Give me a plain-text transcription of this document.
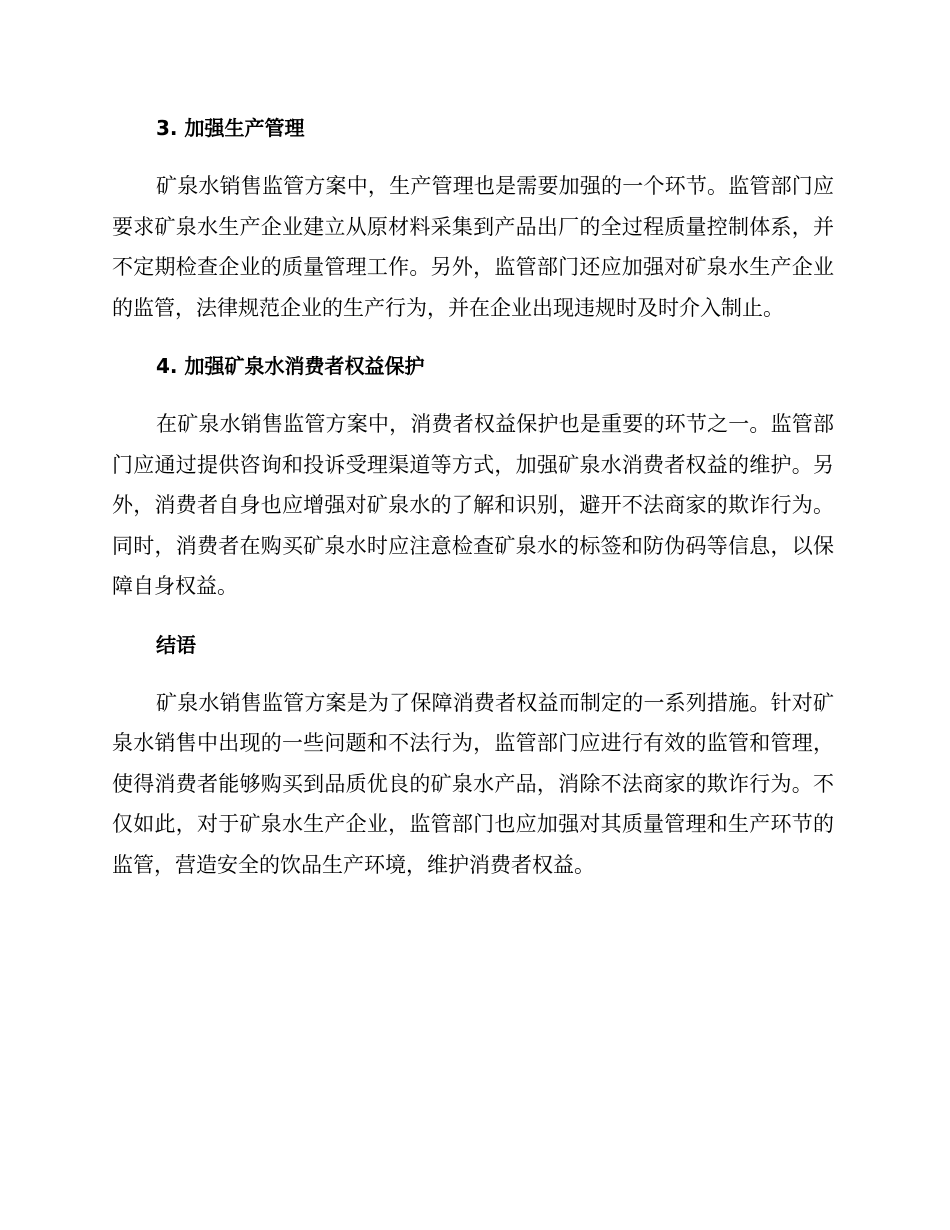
3. 加强生产管理

矿泉水销售监管方案中，生产管理也是需要加强的一个环节。监管部门应要求矿泉水生产企业建立从原材料采集到产品出厂的全过程质量控制体系，并不定期检查企业的质量管理工作。另外，监管部门还应加强对矿泉水生产企业的监管，法律规范企业的生产行为，并在企业出现违规时及时介入制止。

4. 加强矿泉水消费者权益保护

在矿泉水销售监管方案中，消费者权益保护也是重要的环节之一。监管部门应通过提供咨询和投诉受理渠道等方式，加强矿泉水消费者权益的维护。另外，消费者自身也应增强对矿泉水的了解和识别，避开不法商家的欺诈行为。同时，消费者在购买矿泉水时应注意检查矿泉水的标签和防伪码等信息，以保障自身权益。

结语

矿泉水销售监管方案是为了保障消费者权益而制定的一系列措施。针对矿泉水销售中出现的一些问题和不法行为，监管部门应进行有效的监管和管理，使得消费者能够购买到品质优良的矿泉水产品，消除不法商家的欺诈行为。不仅如此，对于矿泉水生产企业，监管部门也应加强对其质量管理和生产环节的监管，营造安全的饮品生产环境，维护消费者权益。
